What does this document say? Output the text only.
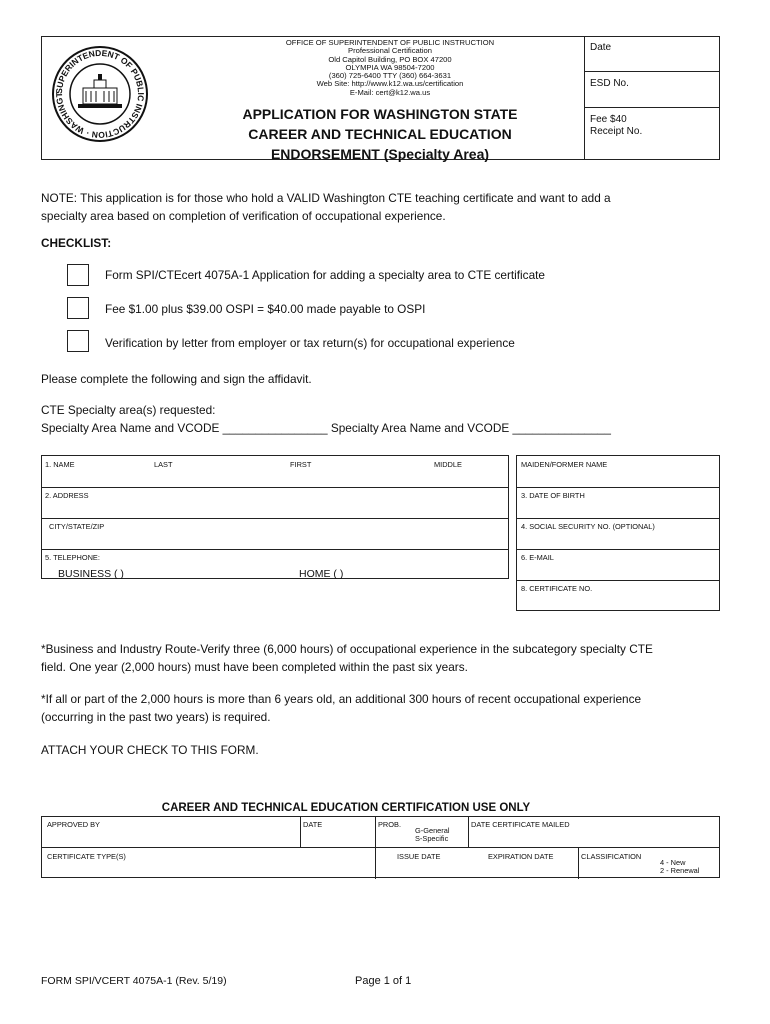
SUPERINTENDENT OF PUBLIC INSTRUCTION · WASHINGT
OFFICE OF SUPERINTENDENT OF PUBLIC INSTRUCTION
Professional Certification
Old Capitol Building, PO BOX 47200
OLYMPIA WA 98504-7200
(360) 725-6400 TTY (360) 664-3631
Web Site: http://www.k12.wa.us/certification
E-Mail: cert@k12.wa.us
APPLICATION FOR WASHINGTON STATE
CAREER AND TECHNICAL EDUCATION
ENDORSEMENT (Specialty Area)
Date
ESD No.
Fee $40
Receipt No.
NOTE: This application is for those who hold a VALID Washington CTE teaching certificate and want to add a
specialty area based on completion of verification of occupational experience.
CHECKLIST:
Form SPI/CTEcert 4075A-1 Application for adding a specialty area to CTE certificate
Fee $1.00 plus $39.00 OSPI = $40.00 made payable to OSPI
Verification by letter from employer or tax return(s) for occupational experience
Please complete the following and sign the affidavit.
CTE Specialty area(s) requested:
Specialty Area Name and VCODE ________________ Specialty Area Name and VCODE _______________
1. NAME	LAST	FIRST	MIDDLE
2. ADDRESS
CITY/STATE/ZIP
5. TELEPHONE:
BUSINESS ( )	HOME ( )
MAIDEN/FORMER NAME
3. DATE OF BIRTH
4. SOCIAL SECURITY NO. (OPTIONAL)
6. E-MAIL
8. CERTIFICATE NO.
*Business and Industry Route-Verify three (6,000 hours) of occupational experience in the subcategory specialty CTE
field. One year (2,000 hours) must have been completed within the past six years.
*If all or part of the 2,000 hours is more than 6 years old, an additional 300 hours of recent occupational experience
(occurring in the past two years) is required.
ATTACH YOUR CHECK TO THIS FORM.
CAREER AND TECHNICAL EDUCATION CERTIFICATION USE ONLY
APPROVED BY	DATE	PROB.
G-General
S-Specific
DATE CERTIFICATE MAILED
CERTIFICATE TYPE(S)	ISSUE DATE	EXPIRATION DATE	CLASSIFICATION
4 - New
2 - Renewal
FORM SPI/VCERT 4075A-1 (Rev. 5/19)	Page 1 of 1
